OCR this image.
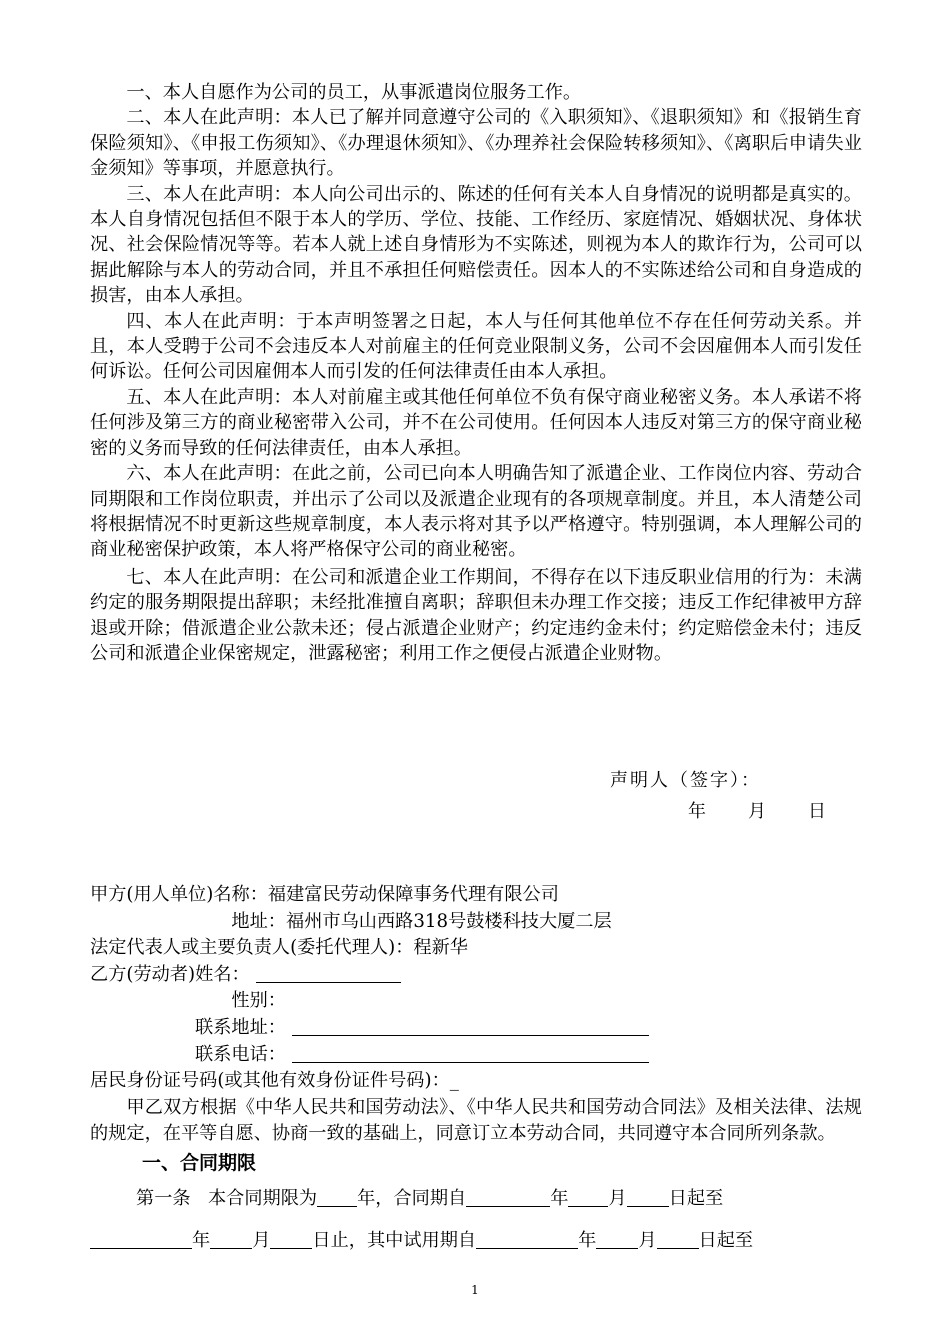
一、本人自愿作为公司的员工，从事派遣岗位服务工作。

二、本人在此声明：本人已了解并同意遵守公司的《入职须知》、《退职须知》和《报销生育保险须知》、《申报工伤须知》、《办理退休须知》、《办理养社会保险转移须知》、《离职后申请失业金须知》等事项，并愿意执行。

三、本人在此声明：本人向公司出示的、陈述的任何有关本人自身情况的说明都是真实的。本人自身情况包括但不限于本人的学历、学位、技能、工作经历、家庭情况、婚姻状况、身体状况、社会保险情况等等。若本人就上述自身情形为不实陈述，则视为本人的欺诈行为，公司可以据此解除与本人的劳动合同，并且不承担任何赔偿责任。因本人的不实陈述给公司和自身造成的损害，由本人承担。

四、本人在此声明：于本声明签署之日起，本人与任何其他单位不存在任何劳动关系。并且，本人受聘于公司不会违反本人对前雇主的任何竞业限制义务，公司不会因雇佣本人而引发任何诉讼。任何公司因雇佣本人而引发的任何法律责任由本人承担。

五、本人在此声明：本人对前雇主或其他任何单位不负有保守商业秘密义务。本人承诺不将任何涉及第三方的商业秘密带入公司，并不在公司使用。任何因本人违反对第三方的保守商业秘密的义务而导致的任何法律责任，由本人承担。

六、本人在此声明：在此之前，公司已向本人明确告知了派遣企业、工作岗位内容、劳动合同期限和工作岗位职责，并出示了公司以及派遣企业现有的各项规章制度。并且，本人清楚公司将根据情况不时更新这些规章制度，本人表示将对其予以严格遵守。特别强调，本人理解公司的商业秘密保护政策，本人将严格保守公司的商业秘密。

七、本人在此声明：在公司和派遣企业工作期间，不得存在以下违反职业信用的行为：未满约定的服务期限提出辞职；未经批准擅自离职；辞职但未办理工作交接；违反工作纪律被甲方辞退或开除；借派遣企业公款未还；侵占派遣企业财产；约定违约金未付；约定赔偿金未付；违反公司和派遣企业保密规定，泄露秘密；利用工作之便侵占派遣企业财物。

声明人（签字）：
年 月 日
甲方(用人单位)名称：福建富民劳动保障事务代理有限公司
地址：福州市乌山西路318号鼓楼科技大厦二层
法定代表人或主要负责人(委托代理人)：程新华
乙方(劳动者)姓名：
性别：
联系地址：
联系电话：
居民身份证号码(或其他有效身份证件号码)：_

甲乙双方根据《中华人民共和国劳动法》、《中华人民共和国劳动合同法》及相关法律、法规的规定，在平等自愿、协商一致的基础上，同意订立本劳动合同，共同遵守本合同所列条款。

一、合同期限

第一条 本合同期限为 年，合同期自	年 月 日起至
年 月 日止，其中试用期自	年 月 日起至
1
